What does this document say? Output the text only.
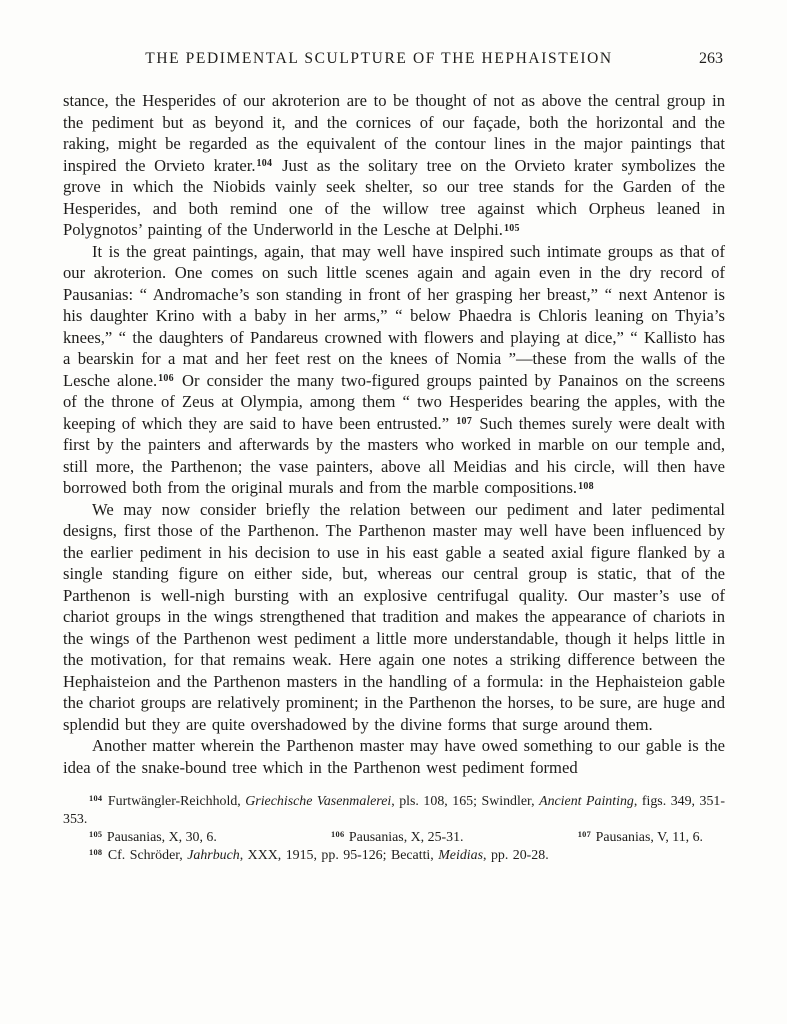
THE PEDIMENTAL SCULPTURE OF THE HEPHAISTEION	263

stance, the Hesperides of our akroterion are to be thought of not as above the central group in the pediment but as beyond it, and the cornices of our façade, both the horizontal and the raking, might be regarded as the equivalent of the contour lines in the major paintings that inspired the Orvieto krater.$^{104}$ Just as the solitary tree on the Orvieto krater symbolizes the grove in which the Niobids vainly seek shelter, so our tree stands for the Garden of the Hesperides, and both remind one of the willow tree against which Orpheus leaned in Polygnotos’ painting of the Underworld in the Lesche at Delphi.$^{105}$

It is the great paintings, again, that may well have inspired such intimate groups as that of our akroterion. One comes on such little scenes again and again even in the dry record of Pausanias: “ Andromache’s son standing in front of her grasping her breast,” “ next Antenor is his daughter Krino with a baby in her arms,” “ below Phaedra is Chloris leaning on Thyia’s knees,” “ the daughters of Pandareus crowned with flowers and playing at dice,” “ Kallisto has a bearskin for a mat and her feet rest on the knees of Nomia ”—these from the walls of the Lesche alone.$^{106}$ Or consider the many two-figured groups painted by Panainos on the screens of the throne of Zeus at Olympia, among them “ two Hesperides bearing the apples, with the keeping of which they are said to have been entrusted.” $^{107}$ Such themes surely were dealt with first by the painters and afterwards by the masters who worked in marble on our temple and, still more, the Parthenon; the vase painters, above all Meidias and his circle, will then have borrowed both from the original murals and from the marble compositions.$^{108}$

We may now consider briefly the relation between our pediment and later pedimental designs, first those of the Parthenon. The Parthenon master may well have been influenced by the earlier pediment in his decision to use in his east gable a seated axial figure flanked by a single standing figure on either side, but, whereas our central group is static, that of the Parthenon is well-nigh bursting with an explosive centrifugal quality. Our master’s use of chariot groups in the wings strengthened that tradition and makes the appearance of chariots in the wings of the Parthenon west pediment a little more understandable, though it helps little in the motivation, for that remains weak. Here again one notes a striking difference between the Hephaisteion and the Parthenon masters in the handling of a formula: in the Hephaisteion gable the chariot groups are relatively prominent; in the Parthenon the horses, to be sure, are huge and splendid but they are quite overshadowed by the divine forms that surge around them.

Another matter wherein the Parthenon master may have owed something to our gable is the idea of the snake-bound tree which in the Parthenon west pediment formed

$^{104}$ Furtwängler-Reichhold, Griechische Vasenmalerei, pls. 108, 165; Swindler, Ancient Painting, figs. 349, 351-353.

$^{105}$ Pausanias, X, 30, 6.	$^{106}$ Pausanias, X, 25-31.	$^{107}$ Pausanias, V, 11, 6.

$^{108}$ Cf. Schröder, Jahrbuch, XXX, 1915, pp. 95-126; Becatti, Meidias, pp. 20-28.
